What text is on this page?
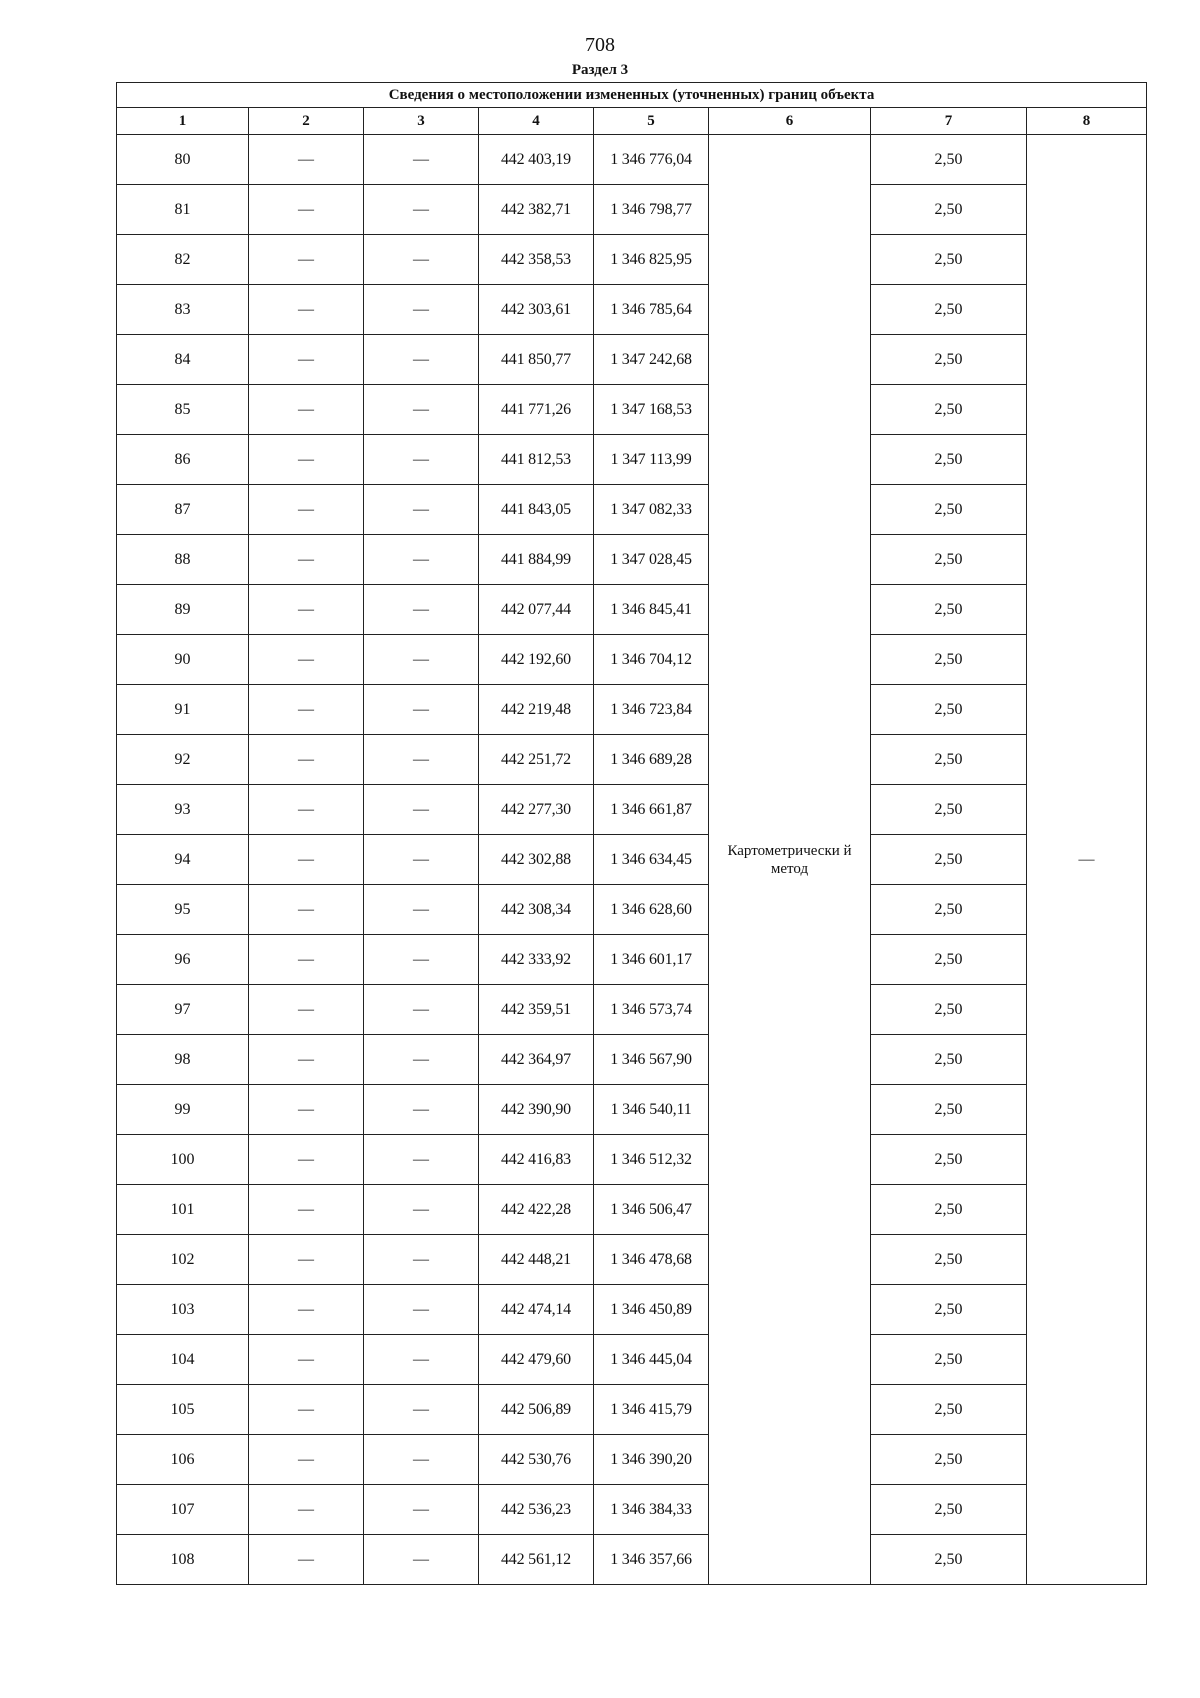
708
Раздел 3
Сведения о местоположении измененных (уточненных) границ объекта							
1	2	3	4	5	6	7	8
80	—	—	442 403,19	1 346 776,04	Картометрически й метод	2,50	—
81	—	—	442 382,71	1 346 798,77		2,50	
82	—	—	442 358,53	1 346 825,95		2,50	
83	—	—	442 303,61	1 346 785,64		2,50	
84	—	—	441 850,77	1 347 242,68		2,50	
85	—	—	441 771,26	1 347 168,53		2,50	
86	—	—	441 812,53	1 347 113,99		2,50	
87	—	—	441 843,05	1 347 082,33		2,50	
88	—	—	441 884,99	1 347 028,45		2,50	
89	—	—	442 077,44	1 346 845,41		2,50	
90	—	—	442 192,60	1 346 704,12		2,50	
91	—	—	442 219,48	1 346 723,84		2,50	
92	—	—	442 251,72	1 346 689,28		2,50	
93	—	—	442 277,30	1 346 661,87		2,50	
94	—	—	442 302,88	1 346 634,45		2,50	
95	—	—	442 308,34	1 346 628,60		2,50	
96	—	—	442 333,92	1 346 601,17		2,50	
97	—	—	442 359,51	1 346 573,74		2,50	
98	—	—	442 364,97	1 346 567,90		2,50	
99	—	—	442 390,90	1 346 540,11		2,50	
100	—	—	442 416,83	1 346 512,32		2,50	
101	—	—	442 422,28	1 346 506,47		2,50	
102	—	—	442 448,21	1 346 478,68		2,50	
103	—	—	442 474,14	1 346 450,89		2,50	
104	—	—	442 479,60	1 346 445,04		2,50	
105	—	—	442 506,89	1 346 415,79		2,50	
106	—	—	442 530,76	1 346 390,20		2,50	
107	—	—	442 536,23	1 346 384,33		2,50	
108	—	—	442 561,12	1 346 357,66		2,50	
